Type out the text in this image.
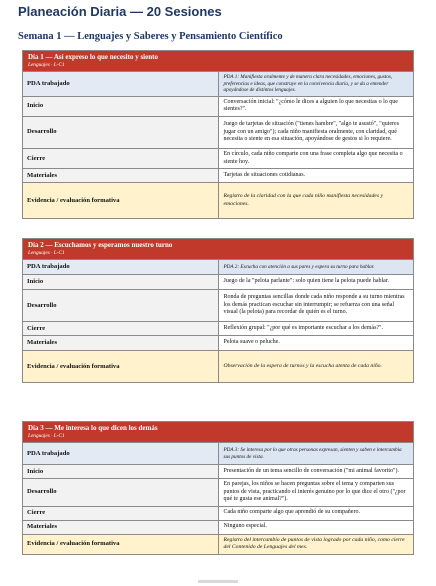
Planeación Diaria — 20 Sesiones
Semana 1 — Lenguajes y Saberes y Pensamiento Científico
Día 1 — Así expreso lo que necesito y siento
Lenguajes · L-C1	

PDA trabajado	PDA 1: Manifiesta oralmente y de manera clara necesidades, emociones, gustos, preferencias e ideas, que construye en la convivencia diaria, y se da a entender apoyándose de distintos lenguajes.
Inicio	Conversación inicial: "¿cómo le dices a alguien lo que necesitas o lo que sientes?".
Desarrollo	Juego de tarjetas de situación ("tienes hambre", "algo te asustó", "quieres jugar con un amigo"); cada niño manifiesta oralmente, con claridad, qué necesita o siente en esa situación, apoyándose de gestos si lo requiere.
Cierre	En círculo, cada niño comparte con una frase completa algo que necesita o siente hoy.
Materiales	Tarjetas de situaciones cotidianas.
Evidencia / evaluación formativa	Registro de la claridad con la que cada niño manifiesta necesidades y emociones.
Día 2 — Escuchamos y esperamos nuestro turno
Lenguajes · L-C1	

PDA trabajado	PDA 2: Escucha con atención a sus pares y espera su turno para hablar.
Inicio	Juego de la "pelota parlante": solo quien tiene la pelota puede hablar.
Desarrollo	Ronda de preguntas sencillas donde cada niño responde a su turno mientras los demás practican escuchar sin interrumpir; se refuerza con una señal visual (la pelota) para recordar de quién es el turno.
Cierre	Reflexión grupal: "¿por qué es importante escuchar a los demás?".
Materiales	Pelota suave o peluche.
Evidencia / evaluación formativa	Observación de la espera de turnos y la escucha atenta de cada niño.
Día 3 — Me interesa lo que dicen los demás
Lenguajes · L-C1	

PDA trabajado	PDA 3: Se interesa por lo que otras personas expresan, sienten y saben e intercambia sus puntos de vista.
Inicio	Presentación de un tema sencillo de conversación ("mi animal favorito").
Desarrollo	En parejas, los niños se hacen preguntas sobre el tema y comparten sus puntos de vista, practicando el interés genuino por lo que dice el otro ("¿por qué te gusta ese animal?").
Cierre	Cada niño comparte algo que aprendió de su compañero.
Materiales	Ninguno especial.
Evidencia / evaluación formativa	Registro del intercambio de puntos de vista logrado por cada niño, como cierre del Contenido de Lenguajes del mes.
